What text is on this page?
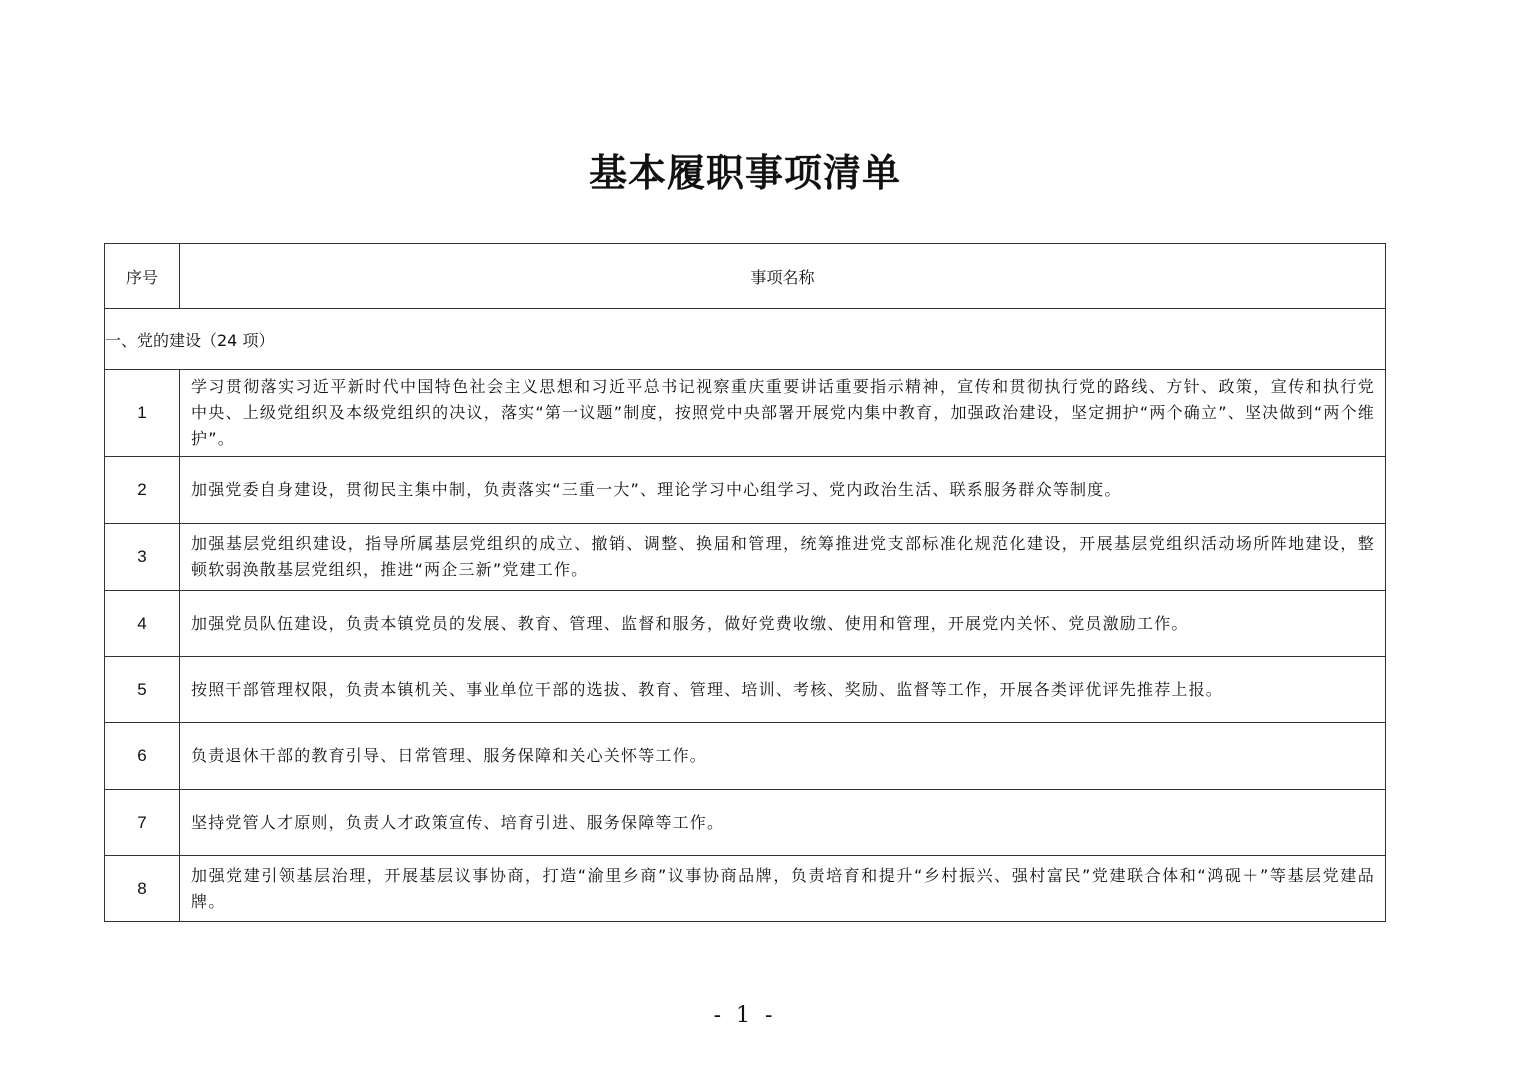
基本履职事项清单
序号	事项名称
一、党的建设（24 项）	
1	学习贯彻落实习近平新时代中国特色社会主义思想和习近平总书记视察重庆重要讲话重要指示精神，宣传和贯彻执行党的路线、方针、政策，宣传和执行党中央、上级党组织及本级党组织的决议，落实“第一议题”制度，按照党中央部署开展党内集中教育，加强政治建设，坚定拥护“两个确立”、坚决做到“两个维护”。
2	加强党委自身建设，贯彻民主集中制，负责落实“三重一大”、理论学习中心组学习、党内政治生活、联系服务群众等制度。
3	加强基层党组织建设，指导所属基层党组织的成立、撤销、调整、换届和管理，统筹推进党支部标准化规范化建设，开展基层党组织活动场所阵地建设，整顿软弱涣散基层党组织，推进“两企三新”党建工作。
4	加强党员队伍建设，负责本镇党员的发展、教育、管理、监督和服务，做好党费收缴、使用和管理，开展党内关怀、党员激励工作。
5	按照干部管理权限，负责本镇机关、事业单位干部的选拔、教育、管理、培训、考核、奖励、监督等工作，开展各类评优评先推荐上报。
6	负责退休干部的教育引导、日常管理、服务保障和关心关怀等工作。
7	坚持党管人才原则，负责人才政策宣传、培育引进、服务保障等工作。
8	加强党建引领基层治理，开展基层议事协商，打造“渝里乡商”议事协商品牌，负责培育和提升“乡村振兴、强村富民”党建联合体和“鸿砚＋”等基层党建品牌。
- 1 -
